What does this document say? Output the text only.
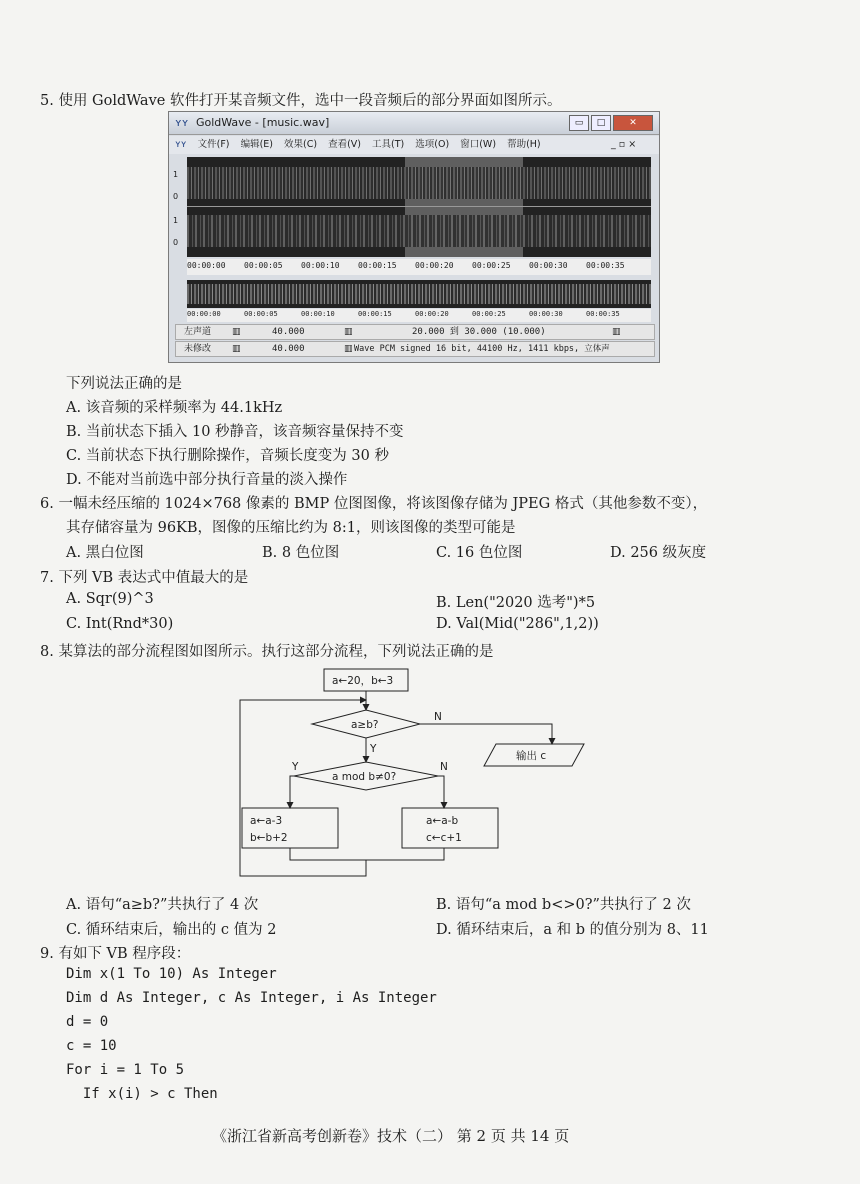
5. 使用 GoldWave 软件打开某音频文件，选中一段音频后的部分界面如图所示。
ʏʏ GoldWave - [music.wav]	▭	□	✕
ʏʏ 文件(F) 编辑(E) 效果(C) 查看(V) 工具(T) 选项(O) 窗口(W) 帮助(H)	_ ▫ ×
1
0
1
0
00:00:00 00:00:05 00:00:10 00:00:15 00:00:20 00:00:25 00:00:30 00:00:35
00:00:00	00:00:05	00:00:10	00:00:15	00:00:20	00:00:25	00:00:30	00:00:35
左声道 ▥	40.000	▥	20.000 到 30.000 (10.000)	▥
未修改 ▥	40.000	▥ Wave PCM signed 16 bit, 44100 Hz, 1411 kbps, 立体声
下列说法正确的是
A. 该音频的采样频率为 44.1kHz
B. 当前状态下插入 10 秒静音，该音频容量保持不变
C. 当前状态下执行删除操作，音频长度变为 30 秒
D. 不能对当前选中部分执行音量的淡入操作
6. 一幅未经压缩的 1024×768 像素的 BMP 位图图像，将该图像存储为 JPEG 格式（其他参数不变），
其存储容量为 96KB，图像的压缩比约为 8:1，则该图像的类型可能是
A. 黑白位图	B. 8 色位图	C. 16 色位图	D. 256 级灰度
7. 下列 VB 表达式中值最大的是
A. Sqr(9)^3	B. Len("2020 选考")*5
C. Int(Rnd*30)	D. Val(Mid("286",1,2))
8. 某算法的部分流程图如图所示。执行这部分流程，下列说法正确的是
a←20，b←3
a≥b?
N
Y
a mod b≠0?
Y	N
输出 c
a←a-3
b←b+2
a←a-b
c←c+1
A. 语句“a≥b?”共执行了 4 次	B. 语句“a mod b<>0?”共执行了 2 次
C. 循环结束后，输出的 c 值为 2	D. 循环结束后，a 和 b 的值分别为 8、11
9. 有如下 VB 程序段：
Dim x(1 To 10) As Integer
Dim d As Integer, c As Integer, i As Integer
d = 0
c = 10
For i = 1 To 5
If x(i) > c Then
《浙江省新高考创新卷》技术（二） 第 2 页 共 14 页
